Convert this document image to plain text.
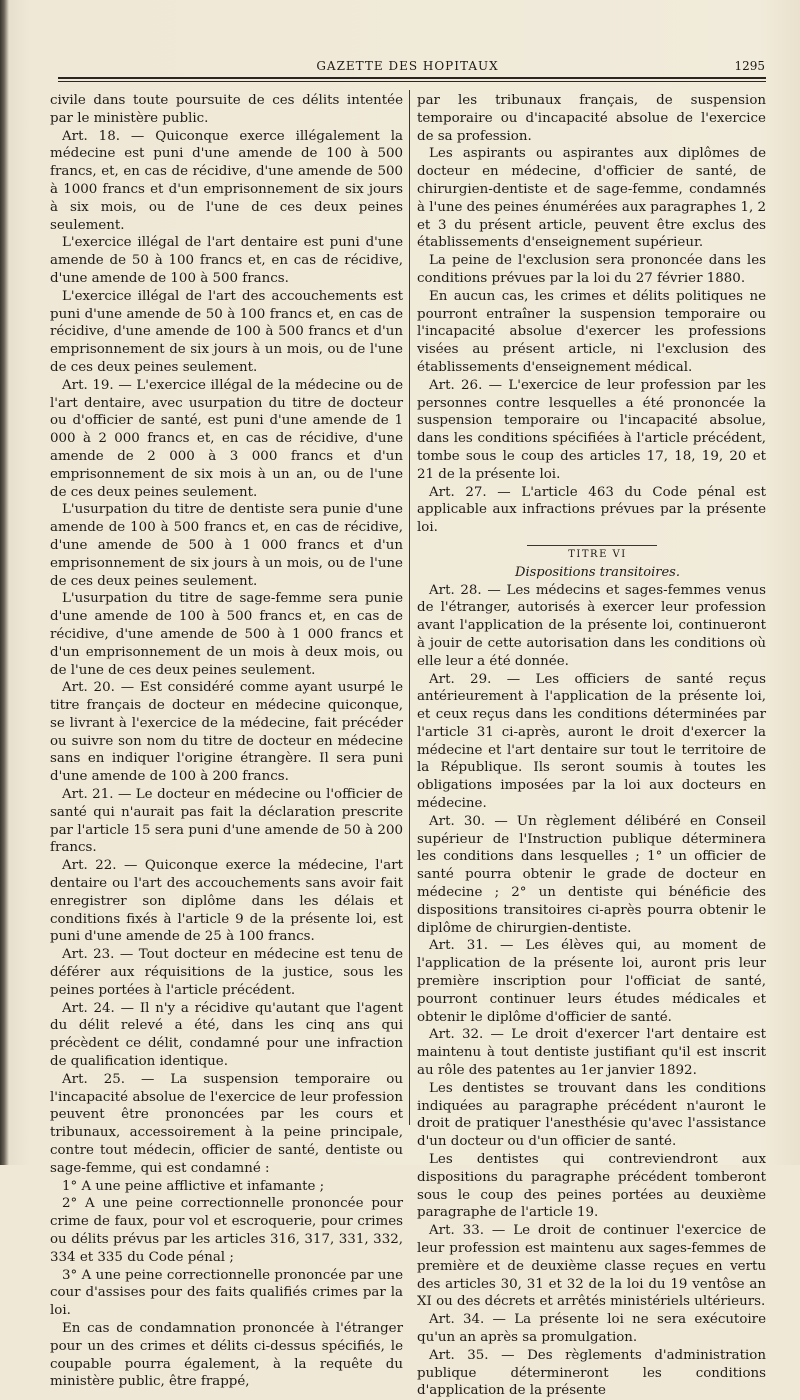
GAZETTE DES HOPITAUX	1295

civile dans toute poursuite de ces délits intentée par le ministère public.

Art. 18. — Quiconque exerce illégalement la médecine est puni d'une amende de 100 à 500 francs, et, en cas de récidive, d'une amende de 500 à 1000 francs et d'un emprisonnement de six jours à six mois, ou de l'une de ces deux peines seulement.

L'exercice illégal de l'art dentaire est puni d'une amende de 50 à 100 francs et, en cas de récidive, d'une amende de 100 à 500 francs.

L'exercice illégal de l'art des accouchements est puni d'une amende de 50 à 100 francs et, en cas de récidive, d'une amende de 100 à 500 francs et d'un emprisonnement de six jours à un mois, ou de l'une de ces deux peines seulement.

Art. 19. — L'exercice illégal de la médecine ou de l'art dentaire, avec usurpation du titre de docteur ou d'officier de santé, est puni d'une amende de 1 000 à 2 000 francs et, en cas de récidive, d'une amende de 2 000 à 3 000 francs et d'un emprisonnement de six mois à un an, ou de l'une de ces deux peines seulement.

L'usurpation du titre de dentiste sera punie d'une amende de 100 à 500 francs et, en cas de récidive, d'une amende de 500 à 1 000 francs et d'un emprisonnement de six jours à un mois, ou de l'une de ces deux peines seulement.

L'usurpation du titre de sage-femme sera punie d'une amende de 100 à 500 francs et, en cas de récidive, d'une amende de 500 à 1 000 francs et d'un emprisonnement de un mois à deux mois, ou de l'une de ces deux peines seulement.

Art. 20. — Est considéré comme ayant usurpé le titre français de docteur en médecine quiconque, se livrant à l'exercice de la médecine, fait précéder ou suivre son nom du titre de docteur en médecine sans en indiquer l'origine étrangère. Il sera puni d'une amende de 100 à 200 francs.

Art. 21. — Le docteur en médecine ou l'officier de santé qui n'aurait pas fait la déclaration prescrite par l'article 15 sera puni d'une amende de 50 à 200 francs.

Art. 22. — Quiconque exerce la médecine, l'art dentaire ou l'art des accouchements sans avoir fait enregistrer son diplôme dans les délais et conditions fixés à l'article 9 de la présente loi, est puni d'une amende de 25 à 100 francs.

Art. 23. — Tout docteur en médecine est tenu de déférer aux réquisitions de la justice, sous les peines portées à l'article précédent.

Art. 24. — Il n'y a récidive qu'autant que l'agent du délit relevé a été, dans les cinq ans qui précèdent ce délit, condamné pour une infraction de qualification identique.

Art. 25. — La suspension temporaire ou l'incapacité absolue de l'exercice de leur profession peuvent être prononcées par les cours et tribunaux, accessoirement à la peine principale, contre tout médecin, officier de santé, dentiste ou sage-femme, qui est condamné :

1° A une peine afflictive et infamante ;

2° A une peine correctionnelle prononcée pour crime de faux, pour vol et escroquerie, pour crimes ou délits prévus par les articles 316, 317, 331, 332, 334 et 335 du Code pénal ;

3° A une peine correctionnelle prononcée par une cour d'assises pour des faits qualifiés crimes par la loi.

En cas de condamnation prononcée à l'étranger pour un des crimes et délits ci-dessus spécifiés, le coupable pourra également, à la requête du ministère public, être frappé,

par les tribunaux français, de suspension temporaire ou d'incapacité absolue de l'exercice de sa profession.

Les aspirants ou aspirantes aux diplômes de docteur en médecine, d'officier de santé, de chirurgien-dentiste et de sage-femme, condamnés à l'une des peines énumérées aux paragraphes 1, 2 et 3 du présent article, peuvent être exclus des établissements d'enseignement supérieur.

La peine de l'exclusion sera prononcée dans les conditions prévues par la loi du 27 février 1880.

En aucun cas, les crimes et délits politiques ne pourront entraîner la suspension temporaire ou l'incapacité absolue d'exercer les professions visées au présent article, ni l'exclusion des établissements d'enseignement médical.

Art. 26. — L'exercice de leur profession par les personnes contre lesquelles a été prononcée la suspension temporaire ou l'incapacité absolue, dans les conditions spécifiées à l'article précédent, tombe sous le coup des articles 17, 18, 19, 20 et 21 de la présente loi.

Art. 27. — L'article 463 du Code pénal est applicable aux infractions prévues par la présente loi.

TITRE VI

Dispositions transitoires.

Art. 28. — Les médecins et sages-femmes venus de l'étranger, autorisés à exercer leur profession avant l'application de la présente loi, continueront à jouir de cette autorisation dans les conditions où elle leur a été donnée.

Art. 29. — Les officiers de santé reçus antérieurement à l'application de la présente loi, et ceux reçus dans les conditions déterminées par l'article 31 ci-après, auront le droit d'exercer la médecine et l'art dentaire sur tout le territoire de la République. Ils seront soumis à toutes les obligations imposées par la loi aux docteurs en médecine.

Art. 30. — Un règlement délibéré en Conseil supérieur de l'Instruction publique déterminera les conditions dans lesquelles ; 1° un officier de santé pourra obtenir le grade de docteur en médecine ; 2° un dentiste qui bénéficie des dispositions transitoires ci-après pourra obtenir le diplôme de chirurgien-dentiste.

Art. 31. — Les élèves qui, au moment de l'application de la présente loi, auront pris leur première inscription pour l'officiat de santé, pourront continuer leurs études médicales et obtenir le diplôme d'officier de santé.

Art. 32. — Le droit d'exercer l'art dentaire est maintenu à tout dentiste justifiant qu'il est inscrit au rôle des patentes au 1er janvier 1892.

Les dentistes se trouvant dans les conditions indiquées au paragraphe précédent n'auront le droit de pratiquer l'anesthésie qu'avec l'assistance d'un docteur ou d'un officier de santé.

Les dentistes qui contreviendront aux dispositions du paragraphe précédent tomberont sous le coup des peines portées au deuxième paragraphe de l'article 19.

Art. 33. — Le droit de continuer l'exercice de leur profession est maintenu aux sages-femmes de première et de deuxième classe reçues en vertu des articles 30, 31 et 32 de la loi du 19 ventôse an XI ou des décrets et arrêtés ministériels ultérieurs.

Art. 34. — La présente loi ne sera exécutoire qu'un an après sa promulgation.

Art. 35. — Des règlements d'administration publique détermineront les conditions d'application de la présente
